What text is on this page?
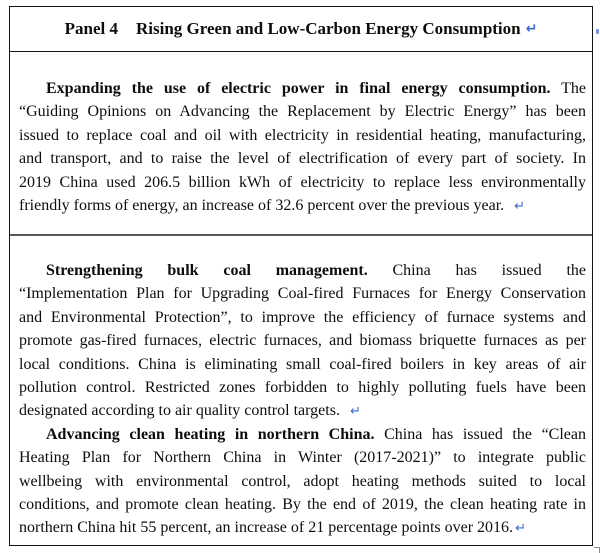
Panel 4 Rising Green and Low-Carbon Energy Consumption ↵
Expanding the use of electric power in final energy consumption. The
“Guiding Opinions on Advancing the Replacement by Electric Energy” has been
issued to replace coal and oil with electricity in residential heating, manufacturing,
and transport, and to raise the level of electrification of every part of society. In
2019 China used 206.5 billion kWh of electricity to replace less environmentally
friendly forms of energy, an increase of 32.6 percent over the previous year. ↵
Strengthening bulk coal management. China has issued the
“Implementation Plan for Upgrading Coal-fired Furnaces for Energy Conservation
and Environmental Protection”, to improve the efficiency of furnace systems and
promote gas-fired furnaces, electric furnaces, and biomass briquette furnaces as per
local conditions. China is eliminating small coal-fired boilers in key areas of air
pollution control. Restricted zones forbidden to highly polluting fuels have been
designated according to air quality control targets. ↵
Advancing clean heating in northern China. China has issued the “Clean
Heating Plan for Northern China in Winter (2017-2021)” to integrate public
wellbeing with environmental control, adopt heating methods suited to local
conditions, and promote clean heating. By the end of 2019, the clean heating rate in
northern China hit 55 percent, an increase of 21 percentage points over 2016. ↵
